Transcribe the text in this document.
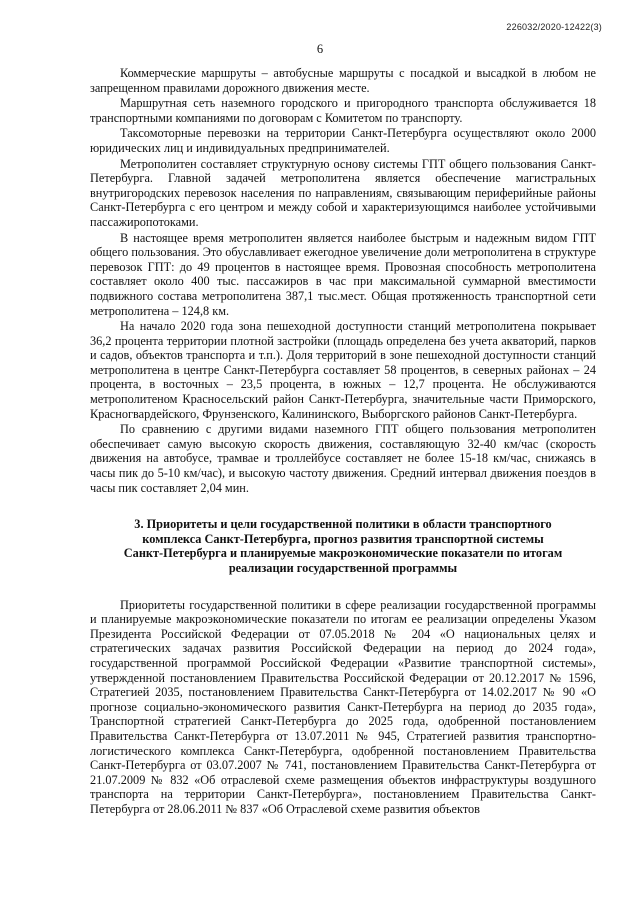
226032/2020-12422(3)
6

Коммерческие маршруты – автобусные маршруты с посадкой и высадкой в любом не запрещенном правилами дорожного движения месте.

Маршрутная сеть наземного городского и пригородного транспорта обслуживается 18 транспортными компаниями по договорам с Комитетом по транспорту.

Таксомоторные перевозки на территории Санкт-Петербурга осуществляют около 2000 юридических лиц и индивидуальных предпринимателей.

Метрополитен составляет структурную основу системы ГПТ общего пользования Санкт-Петербурга. Главной задачей метрополитена является обеспечение магистральных внутригородских перевозок населения по направлениям, связывающим периферийные районы Санкт-Петербурга с его центром и между собой и характеризующимся наиболее устойчивыми пассажиропотоками.

В настоящее время метрополитен является наиболее быстрым и надежным видом ГПТ общего пользования. Это обуславливает ежегодное увеличение доли метрополитена в структуре перевозок ГПТ: до 49 процентов в настоящее время. Провозная способность метрополитена составляет около 400 тыс. пассажиров в час при максимальной суммарной вместимости подвижного состава метрополитена 387,1 тыс.мест. Общая протяженность транспортной сети метрополитена – 124,8 км.

На начало 2020 года зона пешеходной доступности станций метрополитена покрывает 36,2 процента территории плотной застройки (площадь определена без учета акваторий, парков и садов, объектов транспорта и т.п.). Доля территорий в зоне пешеходной доступности станций метрополитена в центре Санкт-Петербурга составляет 58 процентов, в северных районах – 24 процента, в восточных – 23,5 процента, в южных – 12,7 процента. Не обслуживаются метрополитеном Красносельский район Санкт-Петербурга, значительные части Приморского, Красногвардейского, Фрунзенского, Калининского, Выборгского районов Санкт-Петербурга.

По сравнению с другими видами наземного ГПТ общего пользования метрополитен обеспечивает самую высокую скорость движения, составляющую 32-40 км/час (скорость движения на автобусе, трамвае и троллейбусе составляет не более 15-18 км/час, снижаясь в часы пик до 5-10 км/час), и высокую частоту движения. Средний интервал движения поездов в часы пик составляет 2,04 мин.

3. Приоритеты и цели государственной политики в области транспортного
комплекса Санкт-Петербурга, прогноз развития транспортной системы
Санкт-Петербурга и планируемые макроэкономические показатели по итогам
реализации государственной программы

Приоритеты государственной политики в сфере реализации государственной программы и планируемые макроэкономические показатели по итогам ее реализации определены Указом Президента Российской Федерации от 07.05.2018 № 204 «О национальных целях и стратегических задачах развития Российской Федерации на период до 2024 года», государственной программой Российской Федерации «Развитие транспортной системы», утвержденной постановлением Правительства Российской Федерации от 20.12.2017 № 1596, Стратегией 2035, постановлением Правительства Санкт-Петербурга от 14.02.2017 № 90 «О прогнозе социально-экономического развития Санкт-Петербурга на период до 2035 года», Транспортной стратегией Санкт-Петербурга до 2025 года, одобренной постановлением Правительства Санкт-Петербурга от 13.07.2011 № 945, Стратегией развития транспортно-логистического комплекса Санкт-Петербурга, одобренной постановлением Правительства Санкт-Петербурга от 03.07.2007 № 741, постановлением Правительства Санкт-Петербурга от 21.07.2009 № 832 «Об отраслевой схеме размещения объектов инфраструктуры воздушного транспорта на территории Санкт-Петербурга», постановлением Правительства Санкт-Петербурга от 28.06.2011 № 837 «Об Отраслевой схеме развития объектов
